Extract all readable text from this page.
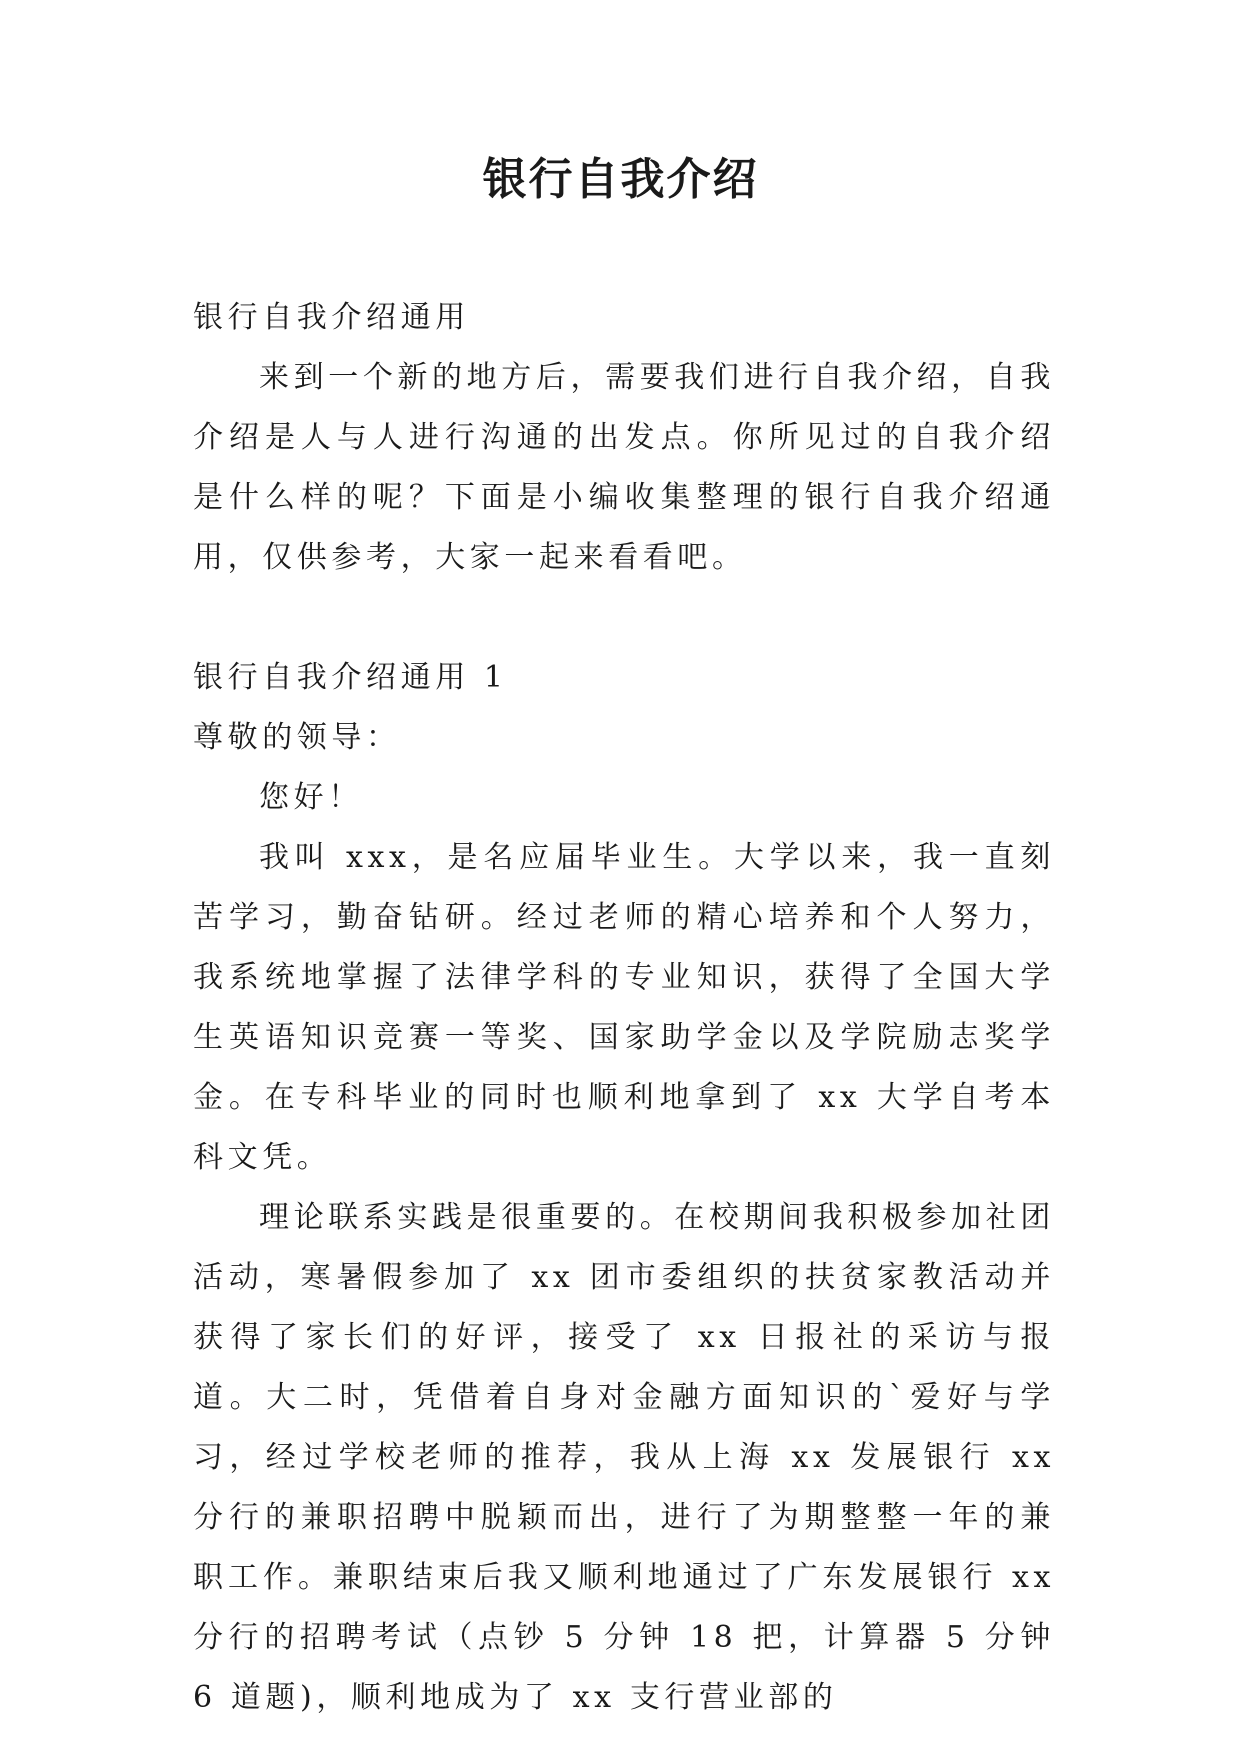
银行自我介绍

银行自我介绍通用

来到一个新的地方后，需要我们进行自我介绍，自我介绍是人与人进行沟通的出发点。你所见过的自我介绍是什么样的呢？下面是小编收集整理的银行自我介绍通用，仅供参考，大家一起来看看吧。

银行自我介绍通用 1

尊敬的领导：

您好！

我叫 xxx，是名应届毕业生。大学以来，我一直刻苦学习，勤奋钻研。经过老师的精心培养和个人努力，我系统地掌握了法律学科的专业知识，获得了全国大学生英语知识竞赛一等奖、国家助学金以及学院励志奖学金。在专科毕业的同时也顺利地拿到了 xx 大学自考本科文凭。

理论联系实践是很重要的。在校期间我积极参加社团活动，寒暑假参加了 xx 团市委组织的扶贫家教活动并获得了家长们的好评，接受了 xx 日报社的采访与报道。大二时，凭借着自身对金融方面知识的`爱好与学习，经过学校老师的推荐，我从上海 xx 发展银行 xx 分行的兼职招聘中脱颖而出，进行了为期整整一年的兼职工作。兼职结束后我又顺利地通过了广东发展银行 xx 分行的招聘考试（点钞 5 分钟 18 把，计算器 5 分钟 6 道题)，顺利地成为了 xx 支行营业部的
